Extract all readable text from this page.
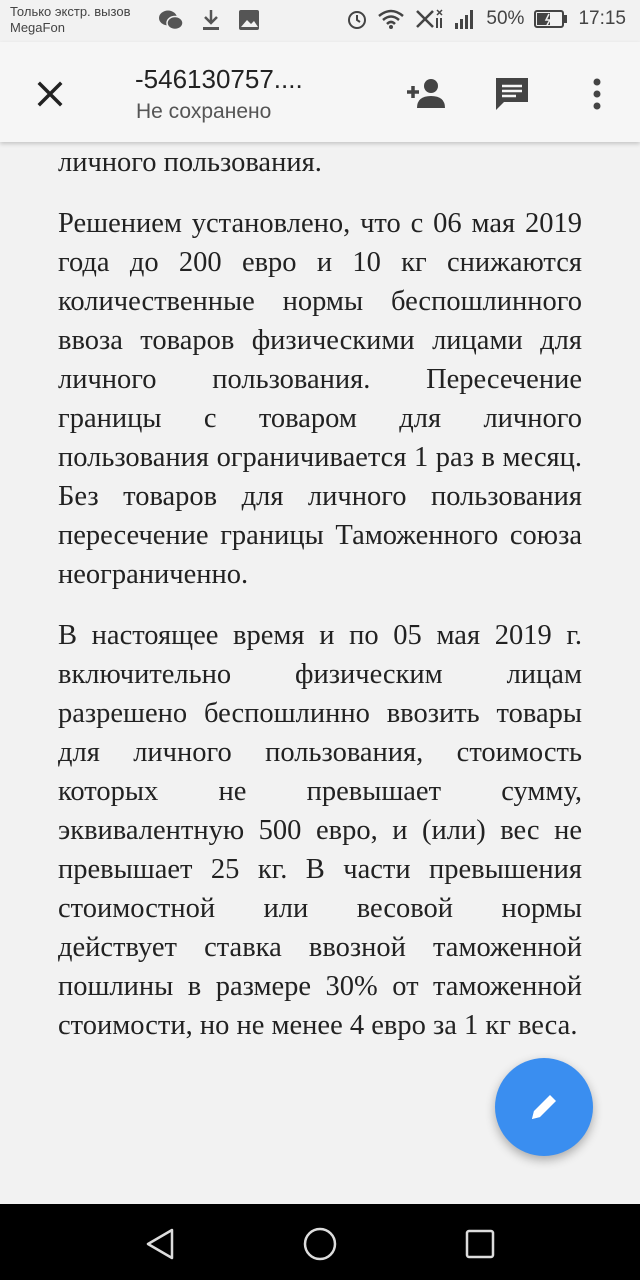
Только экстр. вызов
MegaFon	50%	17:15
-546130757....
Не сохранено

личного пользования.

Решением установлено, что с 06 мая 2019 года до 200 евро и 10 кг снижаются количественные нормы беспошлинного ввоза товаров физическими лицами для личного пользования. Пересечение границы с товаром для личного пользования ограничивается 1 раз в месяц. Без товаров для личного пользования пересечение границы Таможенного союза неограниченно.

В настоящее время и по 05 мая 2019 г. включительно физическим лицам разрешено беспошлинно ввозить товары для личного пользования, стоимость которых не превышает сумму, эквивалентную 500 евро, и (или) вес не превышает 25 кг. В части превышения стоимостной или весовой нормы действует ставка ввозной таможенной пошлины в размере 30% от таможенной стоимости, но не менее 4 евро за 1 кг веса.
